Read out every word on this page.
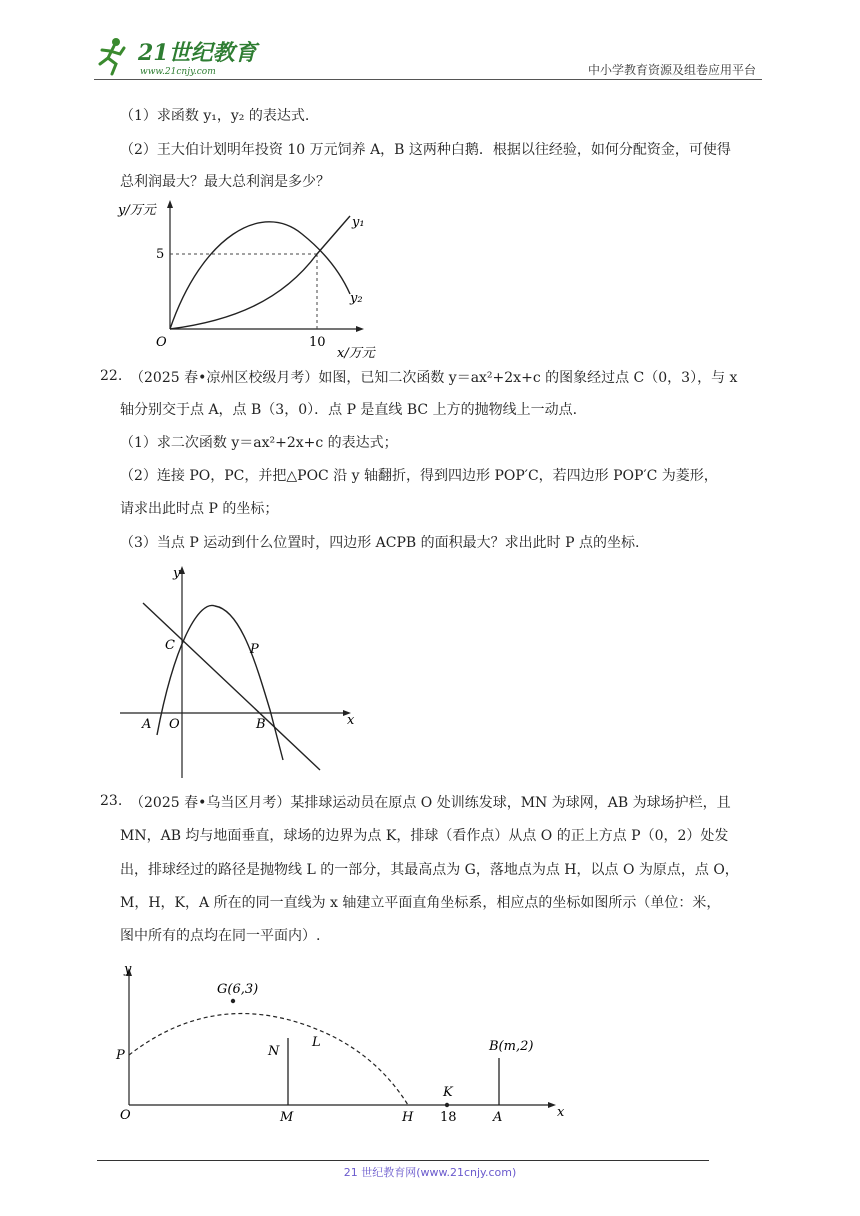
21世纪教育
www.21cnjy.com	中小学教育资源及组卷应用平台
（1）求函数 y₁，y₂ 的表达式.
（2）王大伯计划明年投资 10 万元饲养 A，B 这两种白鹅．根据以往经验，如何分配资金，可使得
总利润最大？最大总利润是多少？
y/万元
x/万元
O
5
10
y₁
y₂
22. （2025 春•凉州区校级月考）如图，已知二次函数 y＝ax²+2x+c 的图象经过点 C（0，3），与 x
轴分别交于点 A，点 B（3，0）．点 P 是直线 BC 上方的抛物线上一动点.
（1）求二次函数 y＝ax²+2x+c 的表达式；
（2）连接 PO，PC，并把△POC 沿 y 轴翻折，得到四边形 POP′C，若四边形 POP′C 为菱形，
请求出此时点 P 的坐标；
（3）当点 P 运动到什么位置时，四边形 ACPB 的面积最大？求出此时 P 点的坐标.
y
x
C	P
A O	B
23. （2025 春•乌当区月考）某排球运动员在原点 O 处训练发球，MN 为球网，AB 为球场护栏，且
MN，AB 均与地面垂直，球场的边界为点 K，排球（看作点）从点 O 的正上方点 P（0，2）处发
出，排球经过的路径是抛物线 L 的一部分，其最高点为 G，落地点为点 H，以点 O 为原点，点 O，
M，H，K，A 所在的同一直线为 x 轴建立平面直角坐标系，相应点的坐标如图所示（单位：米，
图中所有的点均在同一平面内）.
y
x
G(6,3)
P	N
L	B(m,2)
O	M	H
K
18	A
21 世纪教育网(www.21cnjy.com)
